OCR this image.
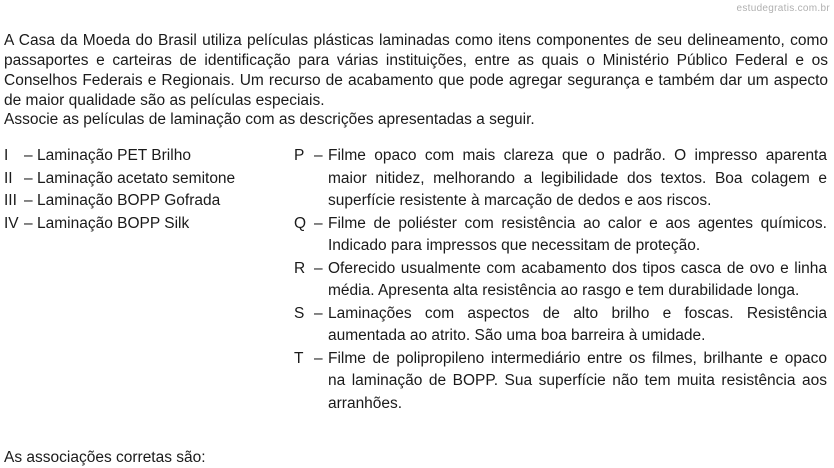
estudegratis.com.br

A Casa da Moeda do Brasil utiliza películas plásticas laminadas como itens componentes de seu delineamento, como passaportes e carteiras de identificação para várias instituições, entre as quais o Ministério Público Federal e os Conselhos Federais e Regionais. Um recurso de acabamento que pode agregar segurança e também dar um aspecto de maior qualidade são as películas especiais.

Associe as películas de laminação com as descrições apresentadas a seguir.

I – Laminação PET Brilho
II – Laminação acetato semitone
III – Laminação BOPP Gofrada
IV – Laminação BOPP Silk
P – Filme opaco com mais clareza que o padrão. O impresso aparenta maior nitidez, melhorando a legibilidade dos textos. Boa colagem e superfície resistente à marcação de dedos e aos riscos.
Q – Filme de poliéster com resistência ao calor e aos agentes químicos. Indicado para impressos que necessitam de proteção.
R – Oferecido usualmente com acabamento dos tipos casca de ovo e linha média. Apresenta alta resistência ao rasgo e tem durabilidade longa.
S – Laminações com aspectos de alto brilho e foscas. Resistência aumentada ao atrito. São uma boa barreira à umidade.
T – Filme de polipropileno intermediário entre os filmes, brilhante e opaco na laminação de BOPP. Sua superfície não tem muita resistência aos arranhões.

As associações corretas são:
